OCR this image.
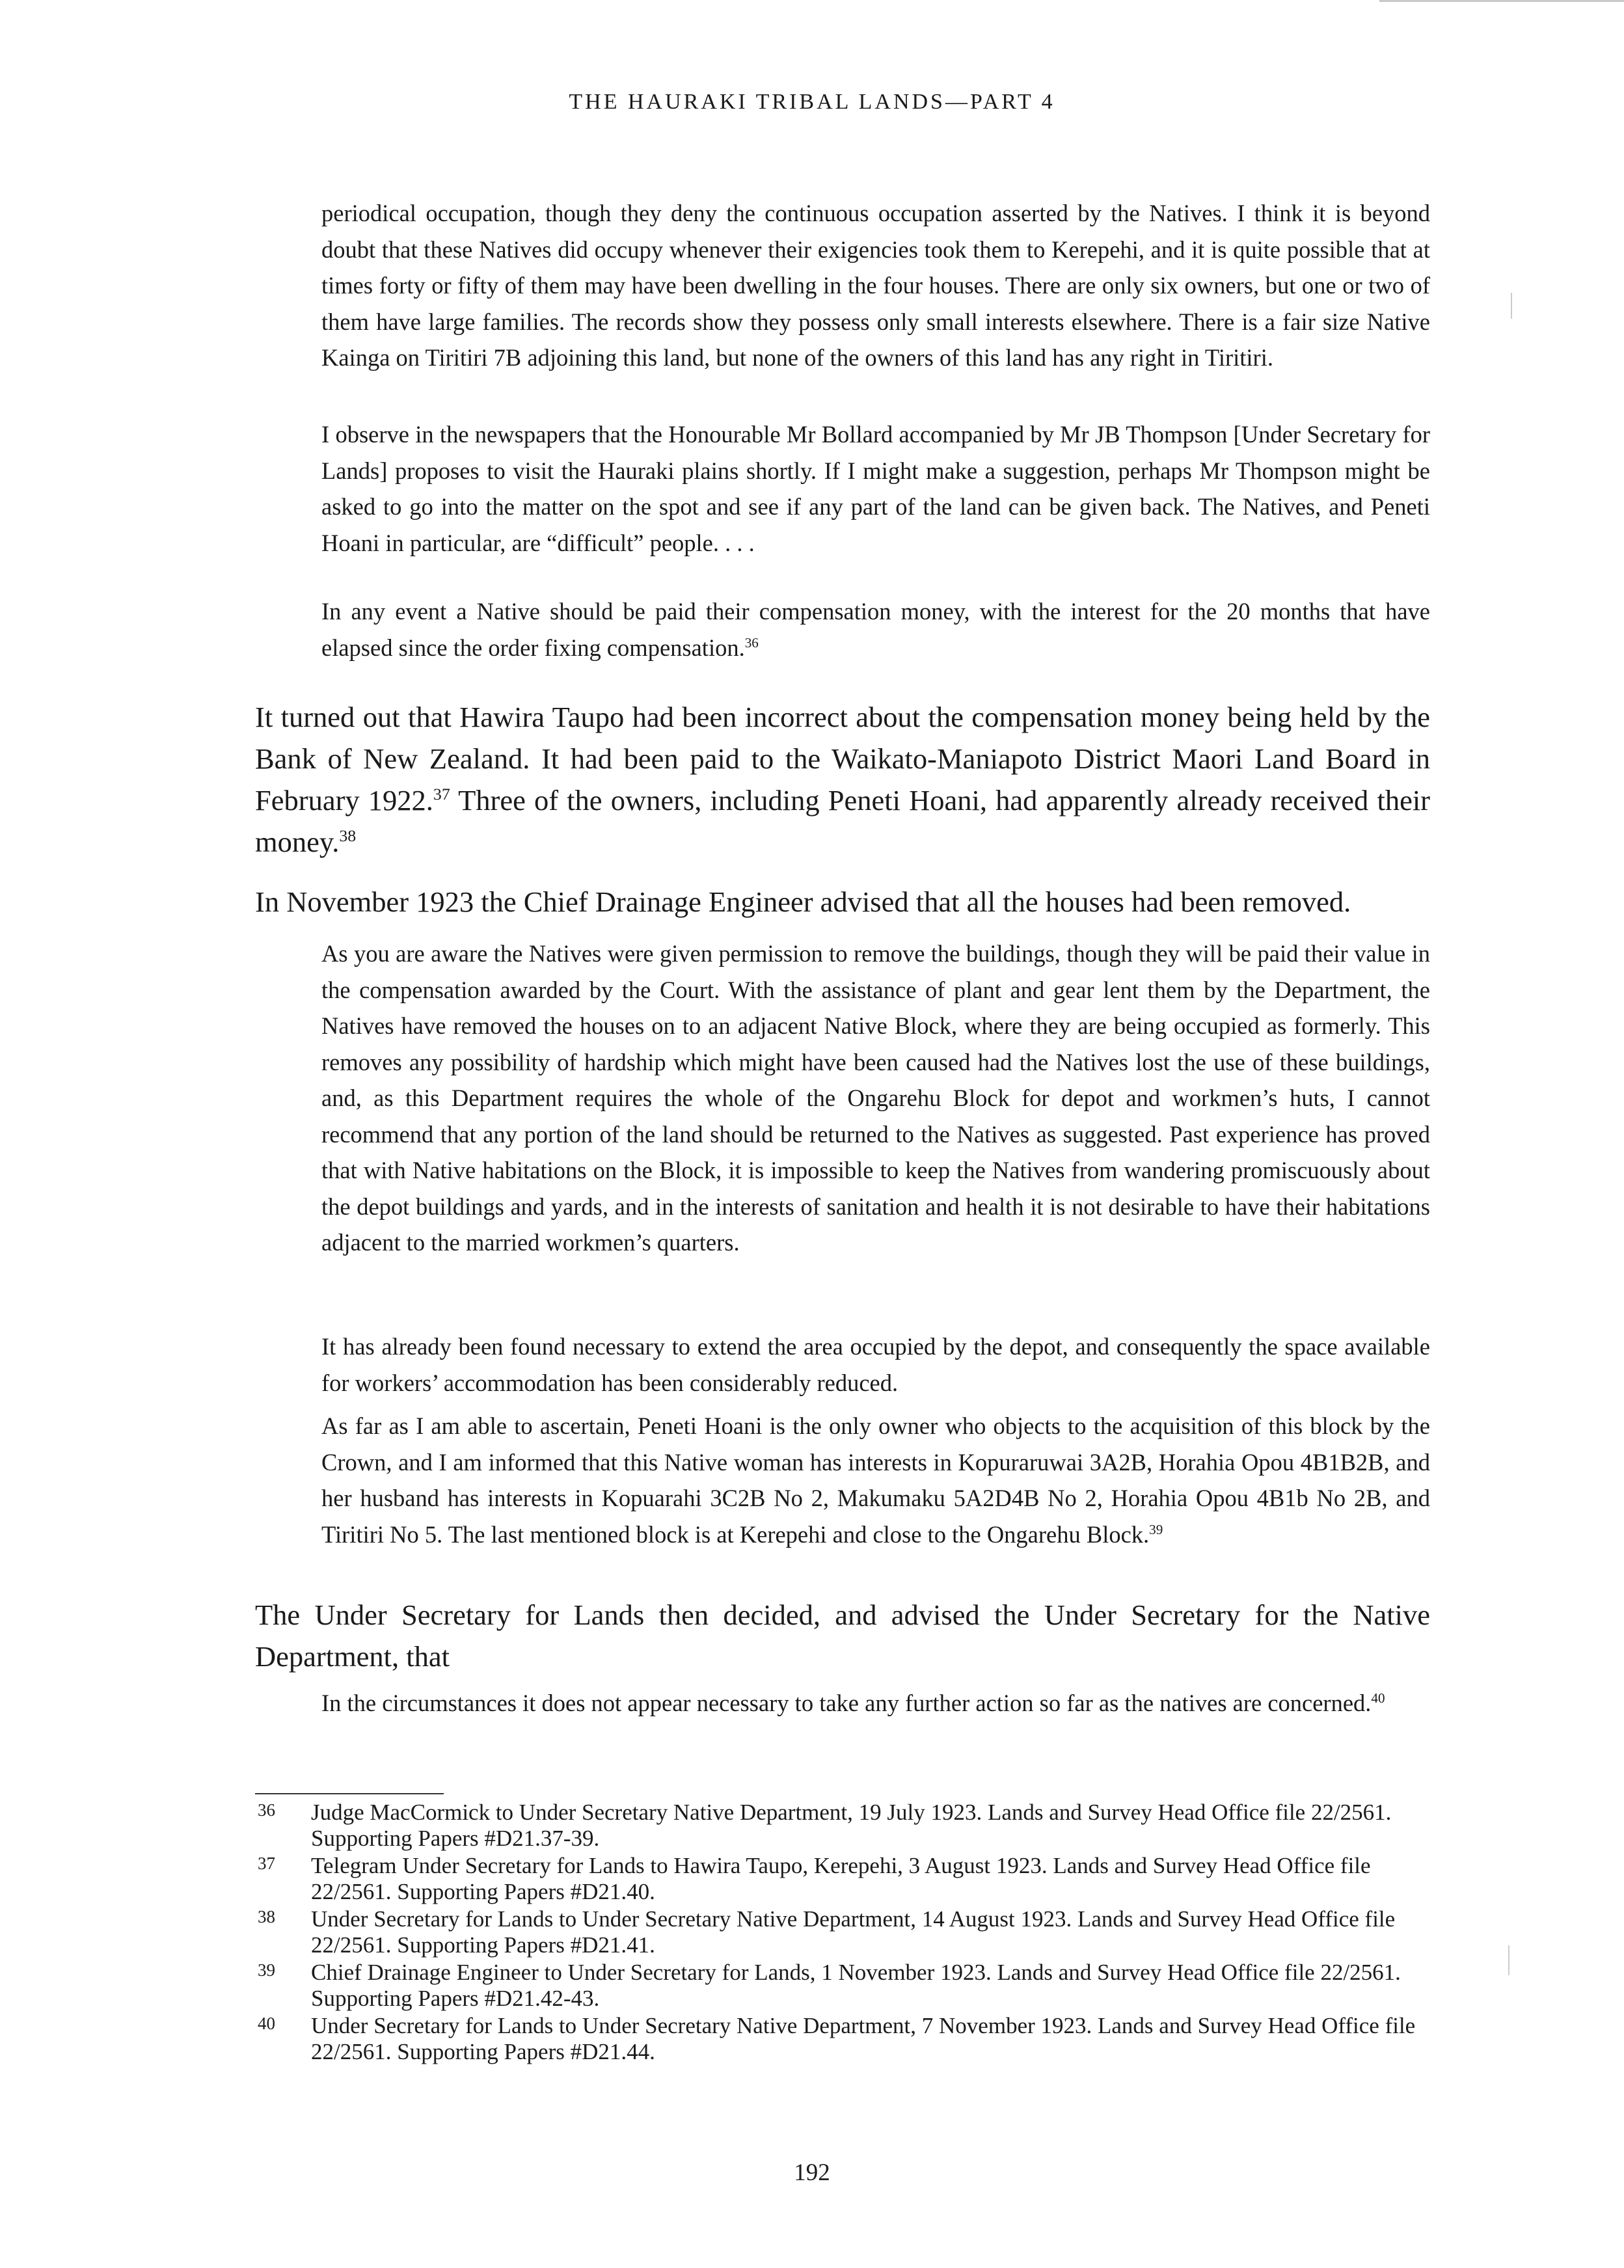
THE HAURAKI TRIBAL LANDS—PART 4

periodical occupation, though they deny the continuous occupation asserted by the Natives. I think it is beyond doubt that these Natives did occupy whenever their exigencies took them to Kerepehi, and it is quite possible that at times forty or fifty of them may have been dwelling in the four houses. There are only six owners, but one or two of them have large families. The records show they possess only small interests elsewhere. There is a fair size Native Kainga on Tiritiri 7B adjoining this land, but none of the owners of this land has any right in Tiritiri.

I observe in the newspapers that the Honourable Mr Bollard accompanied by Mr JB Thompson [Under Secretary for Lands] proposes to visit the Hauraki plains shortly. If I might make a suggestion, perhaps Mr Thompson might be asked to go into the matter on the spot and see if any part of the land can be given back. The Natives, and Peneti Hoani in particular, are “difficult” people. . . .

In any event a Native should be paid their compensation money, with the interest for the 20 months that have elapsed since the order fixing compensation.$^{36}$

It turned out that Hawira Taupo had been incorrect about the compensation money being held by the Bank of New Zealand. It had been paid to the Waikato-Maniapoto District Maori Land Board in February 1922.37 Three of the owners, including Peneti Hoani, had apparently already received their money.$^{38}$

In November 1923 the Chief Drainage Engineer advised that all the houses had been removed.

As you are aware the Natives were given permission to remove the buildings, though they will be paid their value in the compensation awarded by the Court. With the assistance of plant and gear lent them by the Department, the Natives have removed the houses on to an adjacent Native Block, where they are being occupied as formerly. This removes any possibility of hardship which might have been caused had the Natives lost the use of these buildings, and, as this Department requires the whole of the Ongarehu Block for depot and workmen’s huts, I cannot recommend that any portion of the land should be returned to the Natives as suggested. Past experience has proved that with Native habitations on the Block, it is impossible to keep the Natives from wandering promiscuously about the depot buildings and yards, and in the interests of sanitation and health it is not desirable to have their habitations adjacent to the married workmen’s quarters.

It has already been found necessary to extend the area occupied by the depot, and consequently the space available for workers’ accommodation has been considerably reduced.

As far as I am able to ascertain, Peneti Hoani is the only owner who objects to the acquisition of this block by the Crown, and I am informed that this Native woman has interests in Kopuraruwai 3A2B, Horahia Opou 4B1B2B, and her husband has interests in Kopuarahi 3C2B No 2, Makumaku 5A2D4B No 2, Horahia Opou 4B1b No 2B, and Tiritiri No 5. The last mentioned block is at Kerepehi and close to the Ongarehu Block.$^{39}$

The Under Secretary for Lands then decided, and advised the Under Secretary for the Native Department, that

In the circumstances it does not appear necessary to take any further action so far as the natives are concerned.$^{40}$

36 Judge MacCormick to Under Secretary Native Department, 19 July 1923. Lands and Survey Head Office file 22/2561. Supporting Papers #D21.37-39.
37 Telegram Under Secretary for Lands to Hawira Taupo, Kerepehi, 3 August 1923. Lands and Survey Head Office file 22/2561. Supporting Papers #D21.40.
38 Under Secretary for Lands to Under Secretary Native Department, 14 August 1923. Lands and Survey Head Office file 22/2561. Supporting Papers #D21.41.
39 Chief Drainage Engineer to Under Secretary for Lands, 1 November 1923. Lands and Survey Head Office file 22/2561. Supporting Papers #D21.42-43.
40 Under Secretary for Lands to Under Secretary Native Department, 7 November 1923. Lands and Survey Head Office file 22/2561. Supporting Papers #D21.44.
192
